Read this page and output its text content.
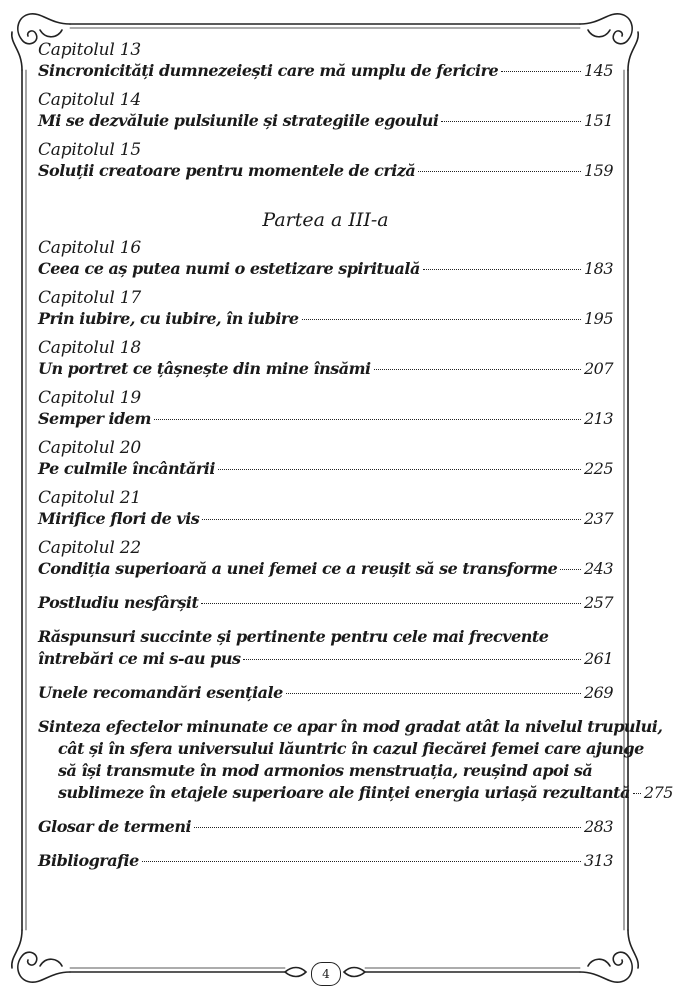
Capitolul 13
Sincronicități dumnezeiești care mă umplu de fericire	145
Capitolul 14
Mi se dezvăluie pulsiunile și strategiile egoului	151
Capitolul 15
Soluții creatoare pentru momentele de criză	159
Partea a III-a
Capitolul 16
Ceea ce aș putea numi o estetizare spirituală	183
Capitolul 17
Prin iubire, cu iubire, în iubire	195
Capitolul 18
Un portret ce țâșnește din mine însămi	207
Capitolul 19
Semper idem	213
Capitolul 20
Pe culmile încântării	225
Capitolul 21
Mirifice flori de vis	237
Capitolul 22
Condiția superioară a unei femei ce a reușit să se transforme 243
Postludiu nesfârșit	257
Răspunsuri succinte și pertinente pentru cele mai frecvente
întrebări ce mi s-au pus	261
Unele recomandări esențiale	269
Sinteza efectelor minunate ce apar în mod gradat atât la nivelul trupului,
cât și în sfera universului lăuntric în cazul fiecărei femei care ajunge
să își transmute în mod armonios menstruația, reușind apoi să
sublimeze în etajele superioare ale ființei energia uriașă rezultantă 275
Glosar de termeni	283
Bibliografie	313
4
